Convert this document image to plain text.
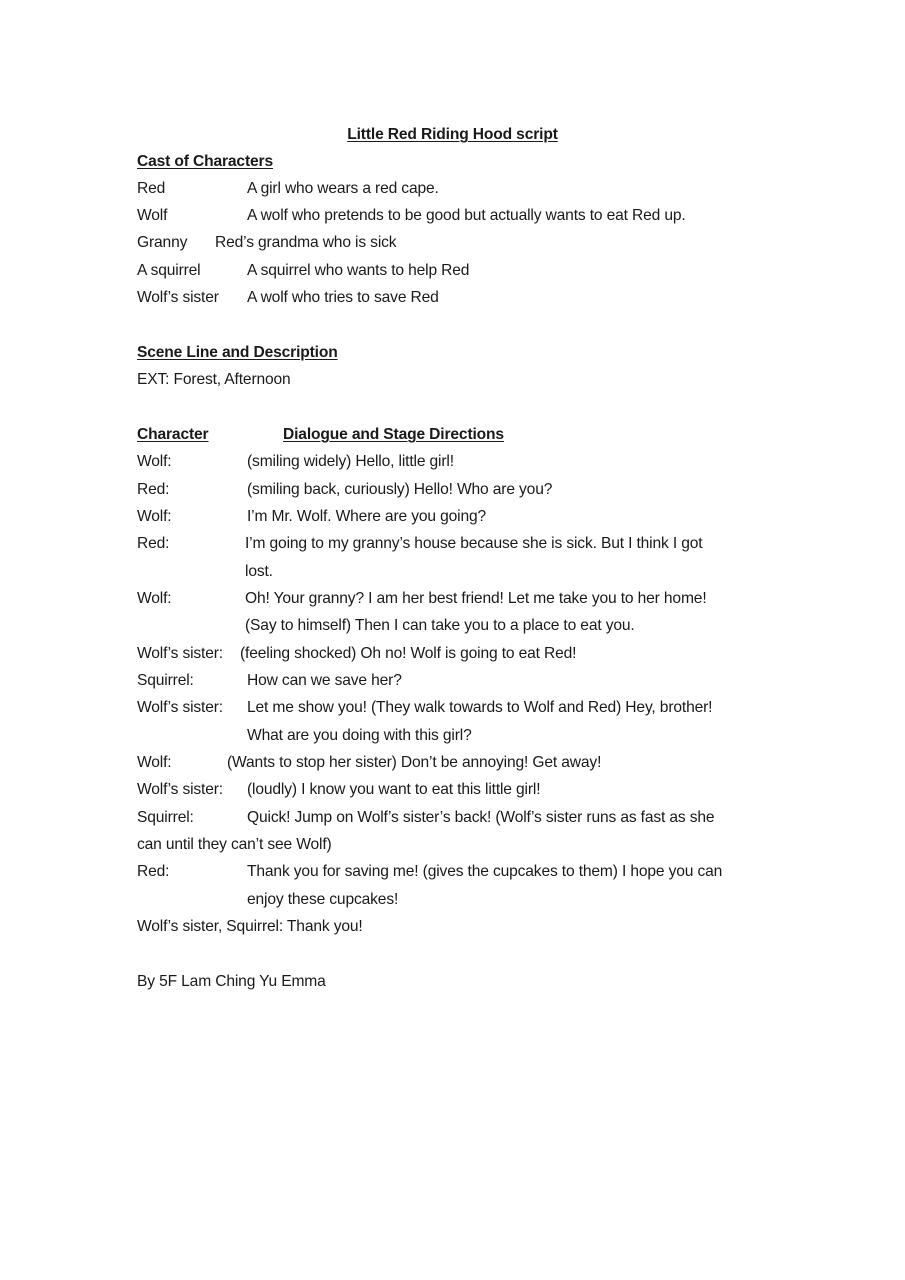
Little Red Riding Hood script
Cast of Characters
Red	A girl who wears a red cape.
Wolf	A wolf who pretends to be good but actually wants to eat Red up.
Granny Red’s grandma who is sick
A squirrel	A squirrel who wants to help Red
Wolf’s sister A wolf who tries to save Red
Scene Line and Description
EXT: Forest, Afternoon
Character	Dialogue and Stage Directions
Wolf:	(smiling widely) Hello, little girl!
Red:	(smiling back, curiously) Hello! Who are you?
Wolf:	I’m Mr. Wolf. Where are you going?
Red:	I’m going to my granny’s house because she is sick. But I think I got
lost.
Wolf:	Oh! Your granny? I am her best friend! Let me take you to her home!
(Say to himself) Then I can take you to a place to eat you.
Wolf’s sister: (feeling shocked) Oh no! Wolf is going to eat Red!
Squirrel:	How can we save her?
Wolf’s sister: Let me show you! (They walk towards to Wolf and Red) Hey, brother!
What are you doing with this girl?
Wolf:	(Wants to stop her sister) Don’t be annoying! Get away!
Wolf’s sister: (loudly) I know you want to eat this little girl!
Squirrel:	Quick! Jump on Wolf’s sister’s back! (Wolf’s sister runs as fast as she
can until they can’t see Wolf)
Red:	Thank you for saving me! (gives the cupcakes to them) I hope you can
enjoy these cupcakes!
Wolf’s sister, Squirrel: Thank you!
By 5F Lam Ching Yu Emma
